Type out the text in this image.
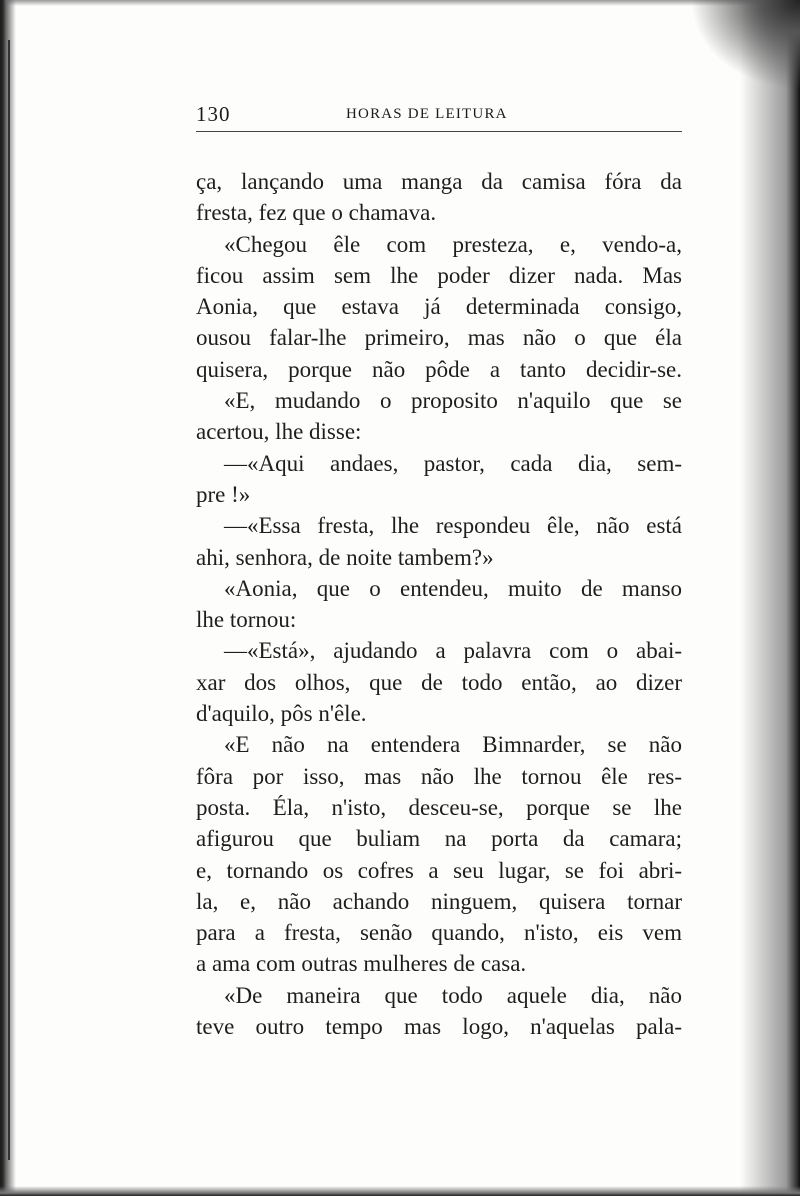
130	HORAS DE LEITURA
ça, lançando uma manga da camisa fóra da
fresta, fez que o chamava.
«Chegou êle com presteza, e, vendo-a,
ficou assim sem lhe poder dizer nada. Mas
Aonia, que estava já determinada consigo,
ousou falar-lhe primeiro, mas não o que éla
quisera, porque não pôde a tanto decidir-se.
«E, mudando o proposito n'aquilo que se
acertou, lhe disse:
—«Aqui andaes, pastor, cada dia, sem-
pre !»
—«Essa fresta, lhe respondeu êle, não está
ahi, senhora, de noite tambem?»
«Aonia, que o entendeu, muito de manso
lhe tornou:
—«Está», ajudando a palavra com o abai-
xar dos olhos, que de todo então, ao dizer
d'aquilo, pôs n'êle.
«E não na entendera Bimnarder, se não
fôra por isso, mas não lhe tornou êle res-
posta. Éla, n'isto, desceu-se, porque se lhe
afigurou que buliam na porta da camara;
e, tornando os cofres a seu lugar, se foi abri-
la, e, não achando ninguem, quisera tornar
para a fresta, senão quando, n'isto, eis vem
a ama com outras mulheres de casa.
«De maneira que todo aquele dia, não
teve outro tempo mas logo, n'aquelas pala-
